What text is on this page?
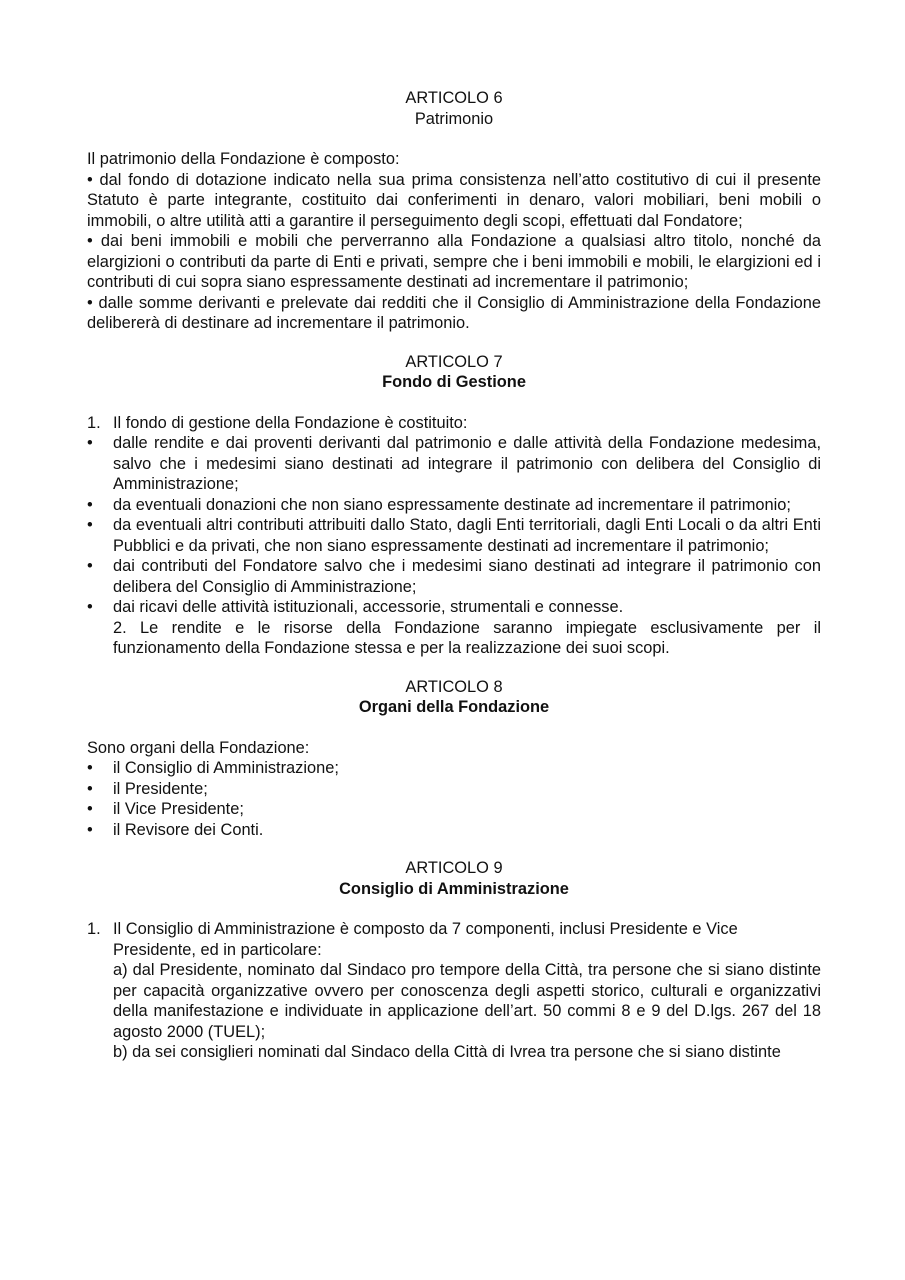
ARTICOLO 6

Patrimonio

Il patrimonio della Fondazione è composto:

• dal fondo di dotazione indicato nella sua prima consistenza nell’atto costitutivo di cui il presente Statuto è parte integrante, costituito dai conferimenti in denaro, valori mobiliari, beni mobili o immobili, o altre utilità atti a garantire il perseguimento degli scopi, effettuati dal Fondatore;

• dai beni immobili e mobili che perverranno alla Fondazione a qualsiasi altro titolo, nonché da elargizioni o contributi da parte di Enti e privati, sempre che i beni immobili e mobili, le elargizioni ed i contributi di cui sopra siano espressamente destinati ad incrementare il patrimonio;

• dalle somme derivanti e prelevate dai redditi che il Consiglio di Amministrazione della Fondazione delibererà di destinare ad incrementare il patrimonio.

ARTICOLO 7

Fondo di Gestione

1. Il fondo di gestione della Fondazione è costituito:
• dalle rendite e dai proventi derivanti dal patrimonio e dalle attività della Fondazione medesima, salvo che i medesimi siano destinati ad integrare il patrimonio con delibera del Consiglio di Amministrazione;
• da eventuali donazioni che non siano espressamente destinate ad incrementare il patrimonio;
• da eventuali altri contributi attribuiti dallo Stato, dagli Enti territoriali, dagli Enti Locali o da altri Enti Pubblici e da privati, che non siano espressamente destinati ad incrementare il patrimonio;
• dai contributi del Fondatore salvo che i medesimi siano destinati ad integrare il patrimonio con delibera del Consiglio di Amministrazione;
• dai ricavi delle attività istituzionali, accessorie, strumentali e connesse.

2. Le rendite e le risorse della Fondazione saranno impiegate esclusivamente per il funzionamento della Fondazione stessa e per la realizzazione dei suoi scopi.

ARTICOLO 8

Organi della Fondazione

Sono organi della Fondazione:

• il Consiglio di Amministrazione;
• il Presidente;
• il Vice Presidente;
• il Revisore dei Conti.

ARTICOLO 9

Consiglio di Amministrazione

1. Il Consiglio di Amministrazione è composto da 7 componenti, inclusi Presidente e Vice Presidente, ed in particolare:

a) dal Presidente, nominato dal Sindaco pro tempore della Città, tra persone che si siano distinte per capacità organizzative ovvero per conoscenza degli aspetti storico, culturali e organizzativi della manifestazione e individuate in applicazione dell’art. 50 commi 8 e 9 del D.lgs. 267 del 18 agosto 2000 (TUEL);

b) da sei consiglieri nominati dal Sindaco della Città di Ivrea tra persone che si siano distinte
